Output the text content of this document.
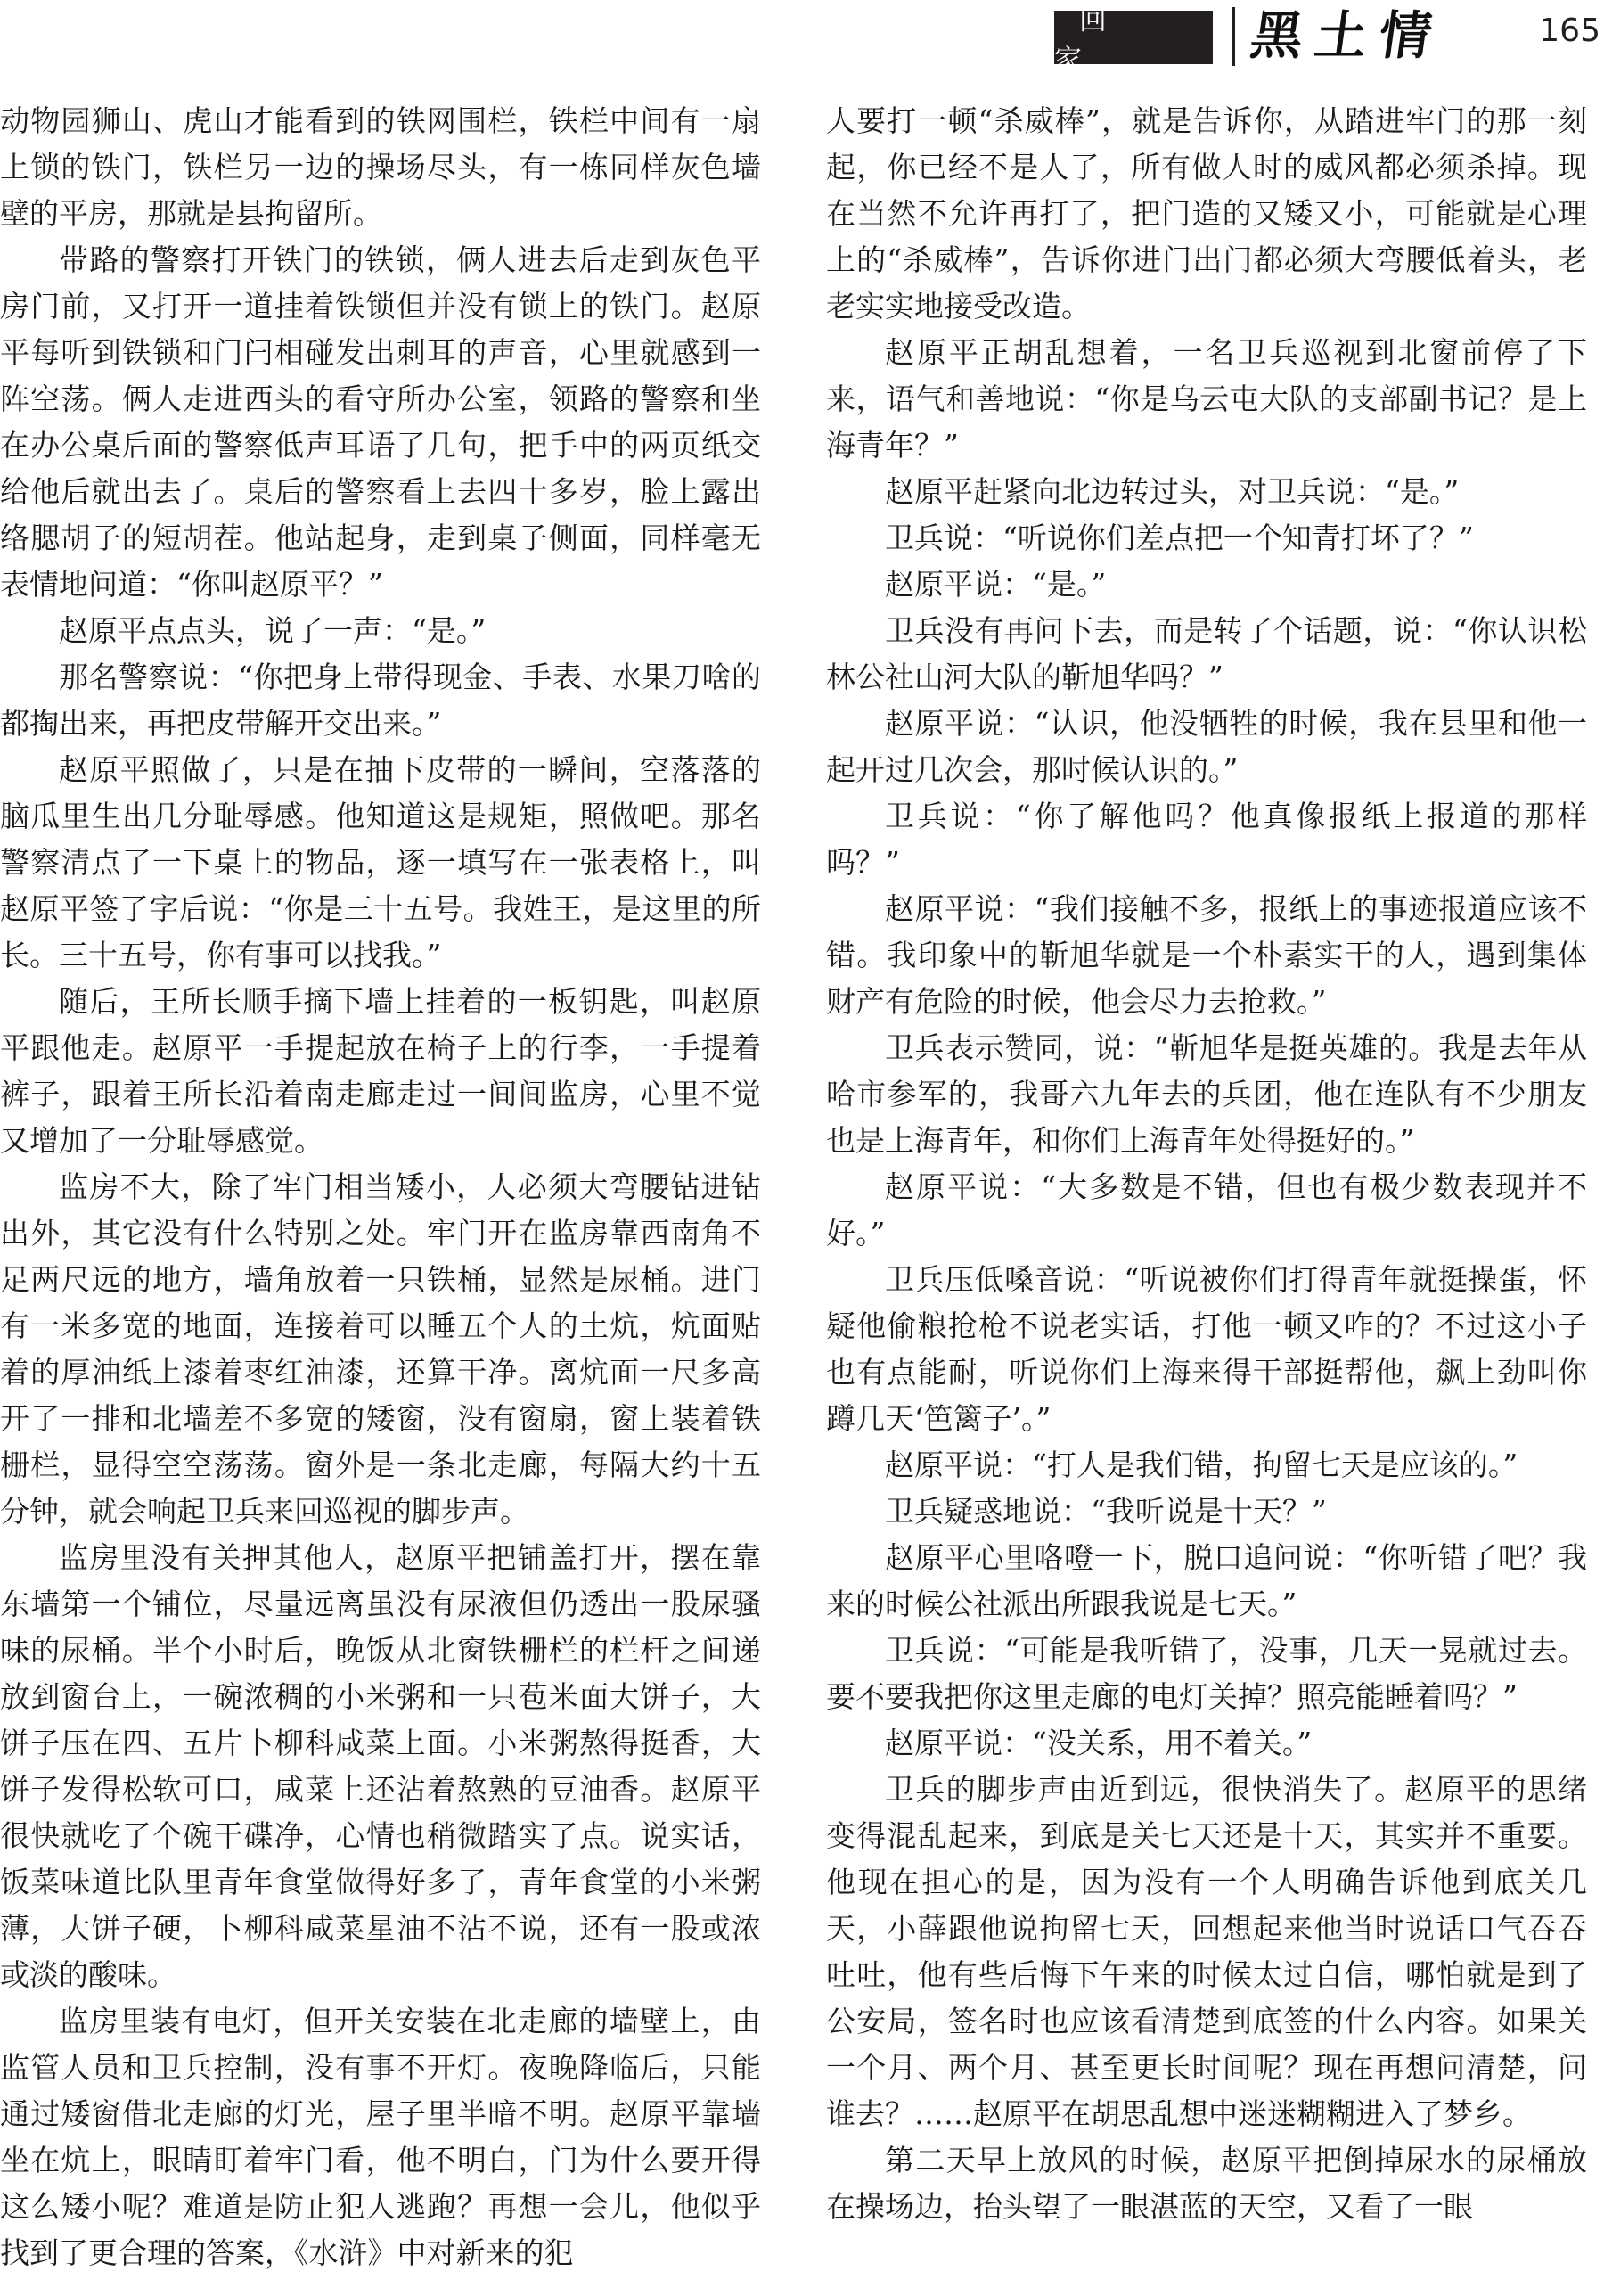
回 家	黑土情	165

动物园狮山、虎山才能看到的铁网围栏，铁栏中间有一扇上锁的铁门，铁栏另一边的操场尽头，有一栋同样灰色墙壁的平房，那就是县拘留所。

带路的警察打开铁门的铁锁，俩人进去后走到灰色平房门前，又打开一道挂着铁锁但并没有锁上的铁门。赵原平每听到铁锁和门闩相碰发出刺耳的声音，心里就感到一阵空荡。俩人走进西头的看守所办公室，领路的警察和坐在办公桌后面的警察低声耳语了几句，把手中的两页纸交给他后就出去了。桌后的警察看上去四十多岁，脸上露出络腮胡子的短胡茬。他站起身，走到桌子侧面，同样毫无表情地问道：“你叫赵原平？”

赵原平点点头，说了一声：“是。”

那名警察说：“你把身上带得现金、手表、水果刀啥的都掏出来，再把皮带解开交出来。”

赵原平照做了，只是在抽下皮带的一瞬间，空落落的脑瓜里生出几分耻辱感。他知道这是规矩，照做吧。那名警察清点了一下桌上的物品，逐一填写在一张表格上，叫赵原平签了字后说：“你是三十五号。我姓王，是这里的所长。三十五号，你有事可以找我。”

随后，王所长顺手摘下墙上挂着的一板钥匙，叫赵原平跟他走。赵原平一手提起放在椅子上的行李，一手提着裤子，跟着王所长沿着南走廊走过一间间监房，心里不觉又增加了一分耻辱感觉。

监房不大，除了牢门相当矮小，人必须大弯腰钻进钻出外，其它没有什么特别之处。牢门开在监房靠西南角不足两尺远的地方，墙角放着一只铁桶，显然是尿桶。进门有一米多宽的地面，连接着可以睡五个人的土炕，炕面贴着的厚油纸上漆着枣红油漆，还算干净。离炕面一尺多高开了一排和北墙差不多宽的矮窗，没有窗扇，窗上装着铁栅栏，显得空空荡荡。窗外是一条北走廊，每隔大约十五分钟，就会响起卫兵来回巡视的脚步声。

监房里没有关押其他人，赵原平把铺盖打开，摆在靠东墙第一个铺位，尽量远离虽没有尿液但仍透出一股尿骚味的尿桶。半个小时后，晚饭从北窗铁栅栏的栏杆之间递放到窗台上，一碗浓稠的小米粥和一只苞米面大饼子，大饼子压在四、五片卜柳科咸菜上面。小米粥熬得挺香，大饼子发得松软可口，咸菜上还沾着熬熟的豆油香。赵原平很快就吃了个碗干碟净，心情也稍微踏实了点。说实话，饭菜味道比队里青年食堂做得好多了，青年食堂的小米粥薄，大饼子硬，卜柳科咸菜星油不沾不说，还有一股或浓或淡的酸味。

监房里装有电灯，但开关安装在北走廊的墙壁上，由监管人员和卫兵控制，没有事不开灯。夜晚降临后，只能通过矮窗借北走廊的灯光，屋子里半暗不明。赵原平靠墙坐在炕上，眼睛盯着牢门看，他不明白，门为什么要开得这么矮小呢？难道是防止犯人逃跑？再想一会儿，他似乎找到了更合理的答案，《水浒》中对新来的犯

人要打一顿“杀威棒”，就是告诉你，从踏进牢门的那一刻起，你已经不是人了，所有做人时的威风都必须杀掉。现在当然不允许再打了，把门造的又矮又小，可能就是心理上的“杀威棒”，告诉你进门出门都必须大弯腰低着头，老老实实地接受改造。

赵原平正胡乱想着，一名卫兵巡视到北窗前停了下来，语气和善地说：“你是乌云屯大队的支部副书记？是上海青年？”

赵原平赶紧向北边转过头，对卫兵说：“是。”

卫兵说：“听说你们差点把一个知青打坏了？”

赵原平说：“是。”

卫兵没有再问下去，而是转了个话题，说：“你认识松林公社山河大队的靳旭华吗？”

赵原平说：“认识，他没牺牲的时候，我在县里和他一起开过几次会，那时候认识的。”

卫兵说：“你了解他吗？他真像报纸上报道的那样吗？”

赵原平说：“我们接触不多，报纸上的事迹报道应该不错。我印象中的靳旭华就是一个朴素实干的人，遇到集体财产有危险的时候，他会尽力去抢救。”

卫兵表示赞同，说：“靳旭华是挺英雄的。我是去年从哈市参军的，我哥六九年去的兵团，他在连队有不少朋友也是上海青年，和你们上海青年处得挺好的。”

赵原平说：“大多数是不错，但也有极少数表现并不好。”

卫兵压低嗓音说：“听说被你们打得青年就挺操蛋，怀疑他偷粮抢枪不说老实话，打他一顿又咋的？不过这小子也有点能耐，听说你们上海来得干部挺帮他，飙上劲叫你蹲几天‘笆篱子’。”

赵原平说：“打人是我们错，拘留七天是应该的。”

卫兵疑惑地说：“我听说是十天？”

赵原平心里咯噔一下，脱口追问说：“你听错了吧？我来的时候公社派出所跟我说是七天。”

卫兵说：“可能是我听错了，没事，几天一晃就过去。要不要我把你这里走廊的电灯关掉？照亮能睡着吗？”

赵原平说：“没关系，用不着关。”

卫兵的脚步声由近到远，很快消失了。赵原平的思绪变得混乱起来，到底是关七天还是十天，其实并不重要。他现在担心的是，因为没有一个人明确告诉他到底关几天，小薛跟他说拘留七天，回想起来他当时说话口气吞吞吐吐，他有些后悔下午来的时候太过自信，哪怕就是到了公安局，签名时也应该看清楚到底签的什么内容。如果关一个月、两个月、甚至更长时间呢？现在再想问清楚，问谁去？……赵原平在胡思乱想中迷迷糊糊进入了梦乡。

第二天早上放风的时候，赵原平把倒掉尿水的尿桶放在操场边，抬头望了一眼湛蓝的天空，又看了一眼
